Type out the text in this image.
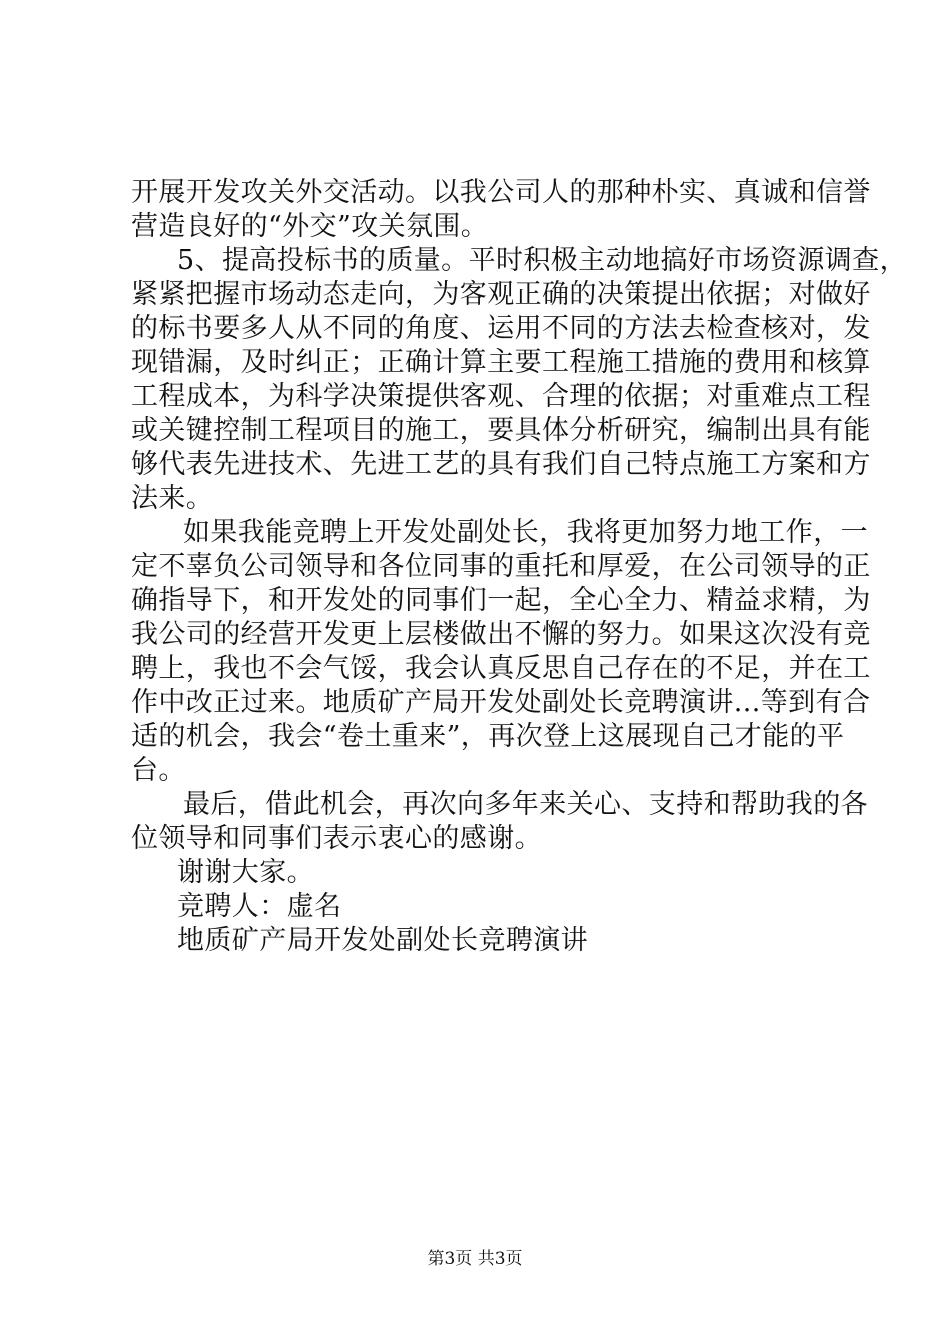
开展开发攻关外交活动。以我公司人的那种朴实、真诚和信誉
营造良好的“外交”攻关氛围。
5、提高投标书的质量。平时积极主动地搞好市场资源调查，
紧紧把握市场动态走向，为客观正确的决策提出依据；对做好
的标书要多人从不同的角度、运用不同的方法去检查核对，发
现错漏，及时纠正；正确计算主要工程施工措施的费用和核算
工程成本，为科学决策提供客观、合理的依据；对重难点工程
或关键控制工程项目的施工，要具体分析研究，编制出具有能
够代表先进技术、先进工艺的具有我们自己特点施工方案和方
法来。
如果我能竞聘上开发处副处长，我将更加努力地工作，一
定不辜负公司领导和各位同事的重托和厚爱，在公司领导的正
确指导下，和开发处的同事们一起，全心全力、精益求精，为
我公司的经营开发更上层楼做出不懈的努力。如果这次没有竞
聘上，我也不会气馁，我会认真反思自己存在的不足，并在工
作中改正过来。地质矿产局开发处副处长竞聘演讲...等到有合
适的机会，我会“卷土重来”，再次登上这展现自己才能的平
台。
最后，借此机会，再次向多年来关心、支持和帮助我的各
位领导和同事们表示衷心的感谢。
谢谢大家。
竞聘人：虚名
地质矿产局开发处副处长竞聘演讲
第3页 共3页
